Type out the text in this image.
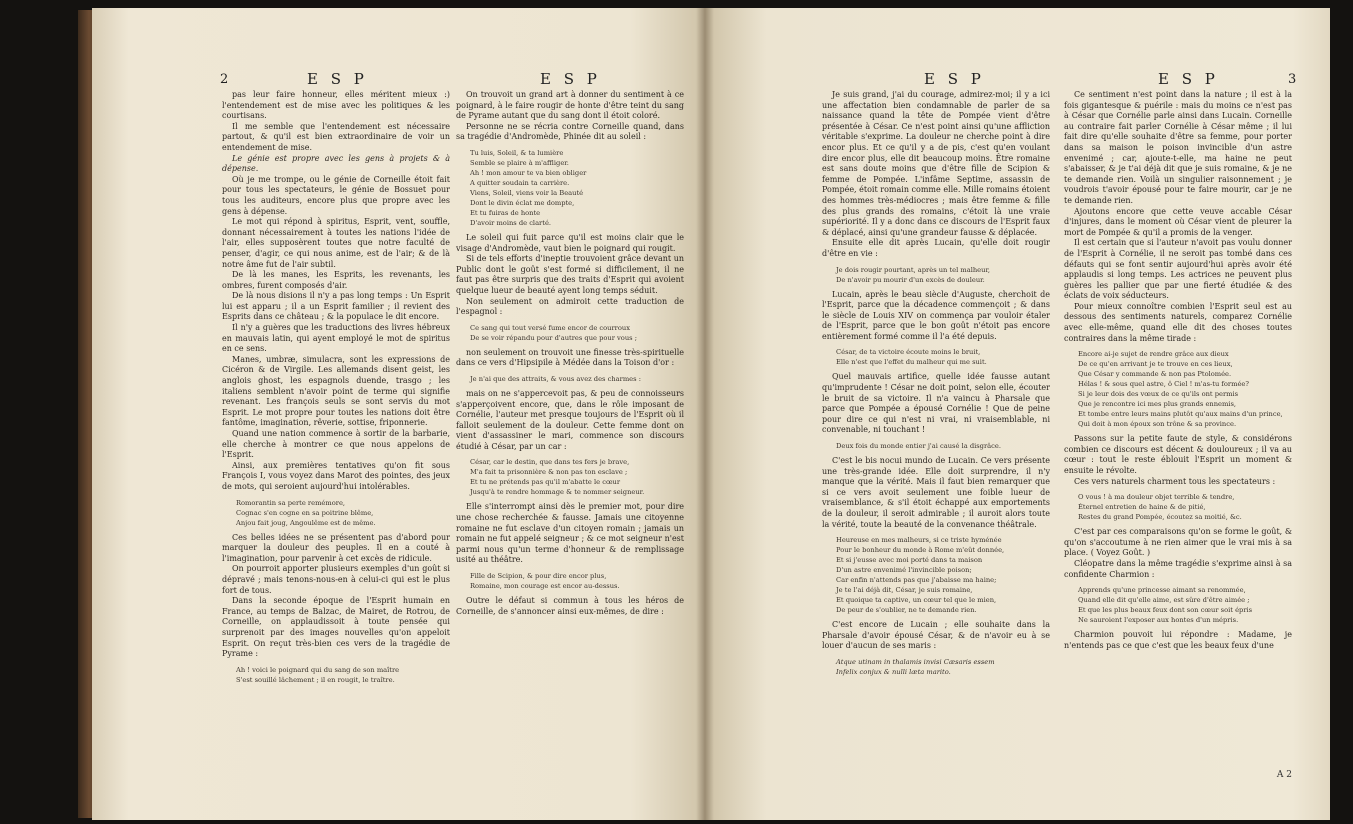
2	E S P	E S P

pas leur faire honneur, elles méritent mieux :) l'entendement est de mise avec les politiques & les courtisans.

Il me semble que l'entendement est nécessaire partout, & qu'il est bien extraordinaire de voir un entendement de mise.

Le génie est propre avec les gens à projets & à dépense.

Où je me trompe, ou le génie de Corneille étoit fait pour tous les spectateurs, le génie de Bossuet pour tous les auditeurs, encore plus que propre avec les gens à dépense.

Le mot qui répond à spiritus, Esprit, vent, souffle, donnant nécessairement à toutes les nations l'idée de l'air, elles supposèrent toutes que notre faculté de penser, d'agir, ce qui nous anime, est de l'air; & de là notre âme fut de l'air subtil.

De là les manes, les Esprits, les revenants, les ombres, furent composés d'air.

De là nous disions il n'y a pas long temps : Un Esprit lui est apparu ; il a un Esprit familier ; il revient des Esprits dans ce château ; & la populace le dit encore.

Il n'y a guères que les traductions des livres hébreux en mauvais latin, qui ayent employé le mot de spiritus en ce sens.

Manes, umbræ, simulacra, sont les expressions de Cicéron & de Virgile. Les allemands disent geist, les anglois ghost, les espagnols duende, trasgo ; les italiens semblent n'avoir point de terme qui signifie revenant. Les françois seuls se sont servis du mot Esprit. Le mot propre pour toutes les nations doit être fantôme, imagination, rêverie, sottise, friponnerie.

Quand une nation commence à sortir de la barbarie, elle cherche à montrer ce que nous appelons de l'Esprit.

Ainsi, aux premières tentatives qu'on fit sous François I, vous voyez dans Marot des pointes, des jeux de mots, qui seroient aujourd'hui intolérables.

Romorantin sa perte remémore,
Cognac s'en cogne en sa poitrine blême,
Anjou fait joug, Angoulême est de même.

Ces belles idées ne se présentent pas d'abord pour marquer la douleur des peuples. Il en a couté à l'imagination, pour parvenir à cet excès de ridicule.

On pourroit apporter plusieurs exemples d'un goût si dépravé ; mais tenons-nous-en à celui-ci qui est le plus fort de tous.

Dans la seconde époque de l'Esprit humain en France, au temps de Balzac, de Mairet, de Rotrou, de Corneille, on applaudissoit à toute pensée qui surprenoit par des images nouvelles qu'on appeloit Esprit. On reçut très-bien ces vers de la tragédie de Pyrame :

Ah ! voici le poignard qui du sang de son maître
S'est souillé lâchement ; il en rougit, le traître.

On trouvoit un grand art à donner du sentiment à ce poignard, à le faire rougir de honte d'être teint du sang de Pyrame autant que du sang dont il étoit coloré.

Personne ne se récria contre Corneille quand, dans sa tragédie d'Andromède, Phinée dit au soleil :

Tu luis, Soleil, & ta lumière
Semble se plaire à m'affliger.
Ah ! mon amour te va bien obliger
A quitter soudain ta carrière.
Viens, Soleil, viens voir la Beauté
Dont le divin éclat me dompte,
Et tu fuiras de honte
D'avoir moins de clarté.

Le soleil qui fuit parce qu'il est moins clair que le visage d'Andromède, vaut bien le poignard qui rougit.

Si de tels efforts d'ineptie trouvoient grâce devant un Public dont le goût s'est formé si difficilement, il ne faut pas être surpris que des traits d'Esprit qui avoient quelque lueur de beauté ayent long temps séduit.

Non seulement on admiroit cette traduction de l'espagnol :

Ce sang qui tout versé fume encor de courroux
De se voir répandu pour d'autres que pour vous ;

non seulement on trouvoit une finesse très-spirituelle dans ce vers d'Hipsipile à Médée dans la Toison d'or :

Je n'ai que des attraits, & vous avez des charmes :

mais on ne s'appercevoit pas, & peu de connoisseurs s'apperçoivent encore, que, dans le rôle imposant de Cornélie, l'auteur met presque toujours de l'Esprit où il falloit seulement de la douleur. Cette femme dont on vient d'assassiner le mari, commence son discours étudié à César, par un car :

César, car le destin, que dans tes fers je brave,
M'a fait ta prisonnière & non pas ton esclave ;
Et tu ne prétends pas qu'il m'abatte le cœur
Jusqu'à te rendre hommage & te nommer seigneur.

Elle s'interrompt ainsi dès le premier mot, pour dire une chose recherchée & fausse. Jamais une citoyenne romaine ne fut esclave d'un citoyen romain ; jamais un romain ne fut appelé seigneur ; & ce mot seigneur n'est parmi nous qu'un terme d'honneur & de remplissage usité au théâtre.

Fille de Scipion, & pour dire encor plus,
Romaine, mon courage est encor au-dessus.

Outre le défaut si commun à tous les héros de Corneille, de s'annoncer ainsi eux-mêmes, de dire :

E S P	E S P	3

Je suis grand, j'ai du courage, admirez-moi; il y a ici une affectation bien condamnable de parler de sa naissance quand la tête de Pompée vient d'être présentée à César. Ce n'est point ainsi qu'une affliction véritable s'exprime. La douleur ne cherche point à dire encor plus. Et ce qu'il y a de pis, c'est qu'en voulant dire encor plus, elle dit beaucoup moins. Être romaine est sans doute moins que d'être fille de Scipion & femme de Pompée. L'infâme Septime, assassin de Pompée, étoit romain comme elle. Mille romains étoient des hommes très-médiocres ; mais être femme & fille des plus grands des romains, c'étoit là une vraie supériorité. Il y a donc dans ce discours de l'Esprit faux & déplacé, ainsi qu'une grandeur fausse & déplacée.

Ensuite elle dit après Lucain, qu'elle doit rougir d'être en vie :

Je dois rougir pourtant, après un tel malheur,
De n'avoir pu mourir d'un excès de douleur.

Lucain, après le beau siècle d'Auguste, cherchoit de l'Esprit, parce que la décadence commençoit ; & dans le siècle de Louis XIV on commença par vouloir étaler de l'Esprit, parce que le bon goût n'étoit pas encore entièrement formé comme il l'a été depuis.

César, de ta victoire écoute moins le bruit,
Elle n'est que l'effet du malheur qui me suit.

Quel mauvais artifice, quelle idée fausse autant qu'imprudente ! César ne doit point, selon elle, écouter le bruit de sa victoire. Il n'a vaincu à Pharsale que parce que Pompée a épousé Cornélie ! Que de peine pour dire ce qui n'est ni vrai, ni vraisemblable, ni convenable, ni touchant !

Deux fois du monde entier j'ai causé la disgrâce.

C'est le bis nocui mundo de Lucain. Ce vers présente une très-grande idée. Elle doit surprendre, il n'y manque que la vérité. Mais il faut bien remarquer que si ce vers avoit seulement une foible lueur de vraisemblance, & s'il étoit échappé aux emportements de la douleur, il seroit admirable ; il auroit alors toute la vérité, toute la beauté de la convenance théâtrale.

Heureuse en mes malheurs, si ce triste hyménée
Pour le bonheur du monde à Rome m'eût donnée,
Et si j'eusse avec moi porté dans ta maison
D'un astre envenimé l'invincible poison;
Car enfin n'attends pas que j'abaisse ma haine;
Je te l'ai déjà dit, César, je suis romaine,
Et quoique ta captive, un cœur tel que le mien,
De peur de s'oublier, ne te demande rien.

C'est encore de Lucain ; elle souhaite dans la Pharsale d'avoir épousé César, & de n'avoir eu à se louer d'aucun de ses maris :

Atque utinam in thalamis invisi Cæsaris essem
Infelix conjux & nulli læta marito.

Ce sentiment n'est point dans la nature ; il est à la fois gigantesque & puérile : mais du moins ce n'est pas à César que Cornélie parle ainsi dans Lucain. Corneille au contraire fait parler Cornélie à César même ; il lui fait dire qu'elle souhaite d'être sa femme, pour porter dans sa maison le poison invincible d'un astre envenimé ; car, ajoute-t-elle, ma haine ne peut s'abaisser, & je t'ai déjà dit que je suis romaine, & je ne te demande rien. Voilà un singulier raisonnement ; je voudrois t'avoir épousé pour te faire mourir, car je ne te demande rien.

Ajoutons encore que cette veuve accable César d'injures, dans le moment où César vient de pleurer la mort de Pompée & qu'il a promis de la venger.

Il est certain que si l'auteur n'avoit pas voulu donner de l'Esprit à Cornélie, il ne seroit pas tombé dans ces défauts qui se font sentir aujourd'hui après avoir été applaudis si long temps. Les actrices ne peuvent plus guères les pallier que par une fierté étudiée & des éclats de voix séducteurs.

Pour mieux connoître combien l'Esprit seul est au dessous des sentiments naturels, comparez Cornélie avec elle-même, quand elle dit des choses toutes contraires dans la même tirade :

Encore ai-je sujet de rendre grâce aux dieux
De ce qu'en arrivant je te trouve en ces lieux,
Que César y commande & non pas Ptolomée.
Hélas ! & sous quel astre, ô Ciel ! m'as-tu formée?
Si je leur dois des vœux de ce qu'ils ont permis
Que je rencontre ici mes plus grands ennemis,
Et tombe entre leurs mains plutôt qu'aux mains d'un prince,
Qui doit à mon époux son trône & sa province.

Passons sur la petite faute de style, & considérons combien ce discours est décent & douloureux ; il va au cœur : tout le reste éblouit l'Esprit un moment & ensuite le révolte.

Ces vers naturels charment tous les spectateurs :

O vous ! à ma douleur objet terrible & tendre,
Éternel entretien de haine & de pitié,
Restes du grand Pompée, écoutez sa moitié, &c.

C'est par ces comparaisons qu'on se forme le goût, & qu'on s'accoutume à ne rien aimer que le vrai mis à sa place. ( Voyez Goût. )

Cléopatre dans la même tragédie s'exprime ainsi à sa confidente Charmion :

Apprends qu'une princesse aimant sa renommée,
Quand elle dit qu'elle aime, est sûre d'être aimée ;
Et que les plus beaux feux dont son cœur soit épris
Ne sauroient l'exposer aux hontes d'un mépris.

Charmion pouvoit lui répondre : Madame, je n'entends pas ce que c'est que les beaux feux d'une

A 2
